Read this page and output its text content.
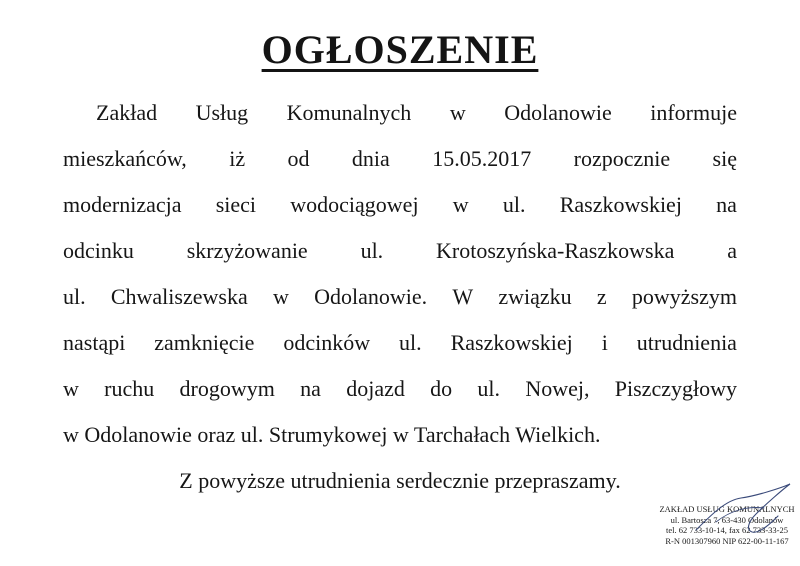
OGŁOSZENIE
Zakład Usług Komunalnych w Odolanowie informuje
mieszkańców, iż od dnia 15.05.2017 rozpocznie się
modernizacja sieci wodociągowej w ul. Raszkowskiej na
odcinku skrzyżowanie ul. Krotoszyńska-Raszkowska a
ul. Chwaliszewska w Odolanowie. W związku z powyższym
nastąpi zamknięcie odcinków ul. Raszkowskiej i utrudnienia
w ruchu drogowym na dojazd do ul. Nowej, Piszczygłowy
w Odolanowie oraz ul. Strumykowej w Tarchałach Wielkich.
Z powyższe utrudnienia serdecznie przepraszamy.
ZAKŁAD USŁUG KOMUNALNYCH
ul. Bartosza 7, 63-430 Odolanów
tel. 62 733-10-14, fax 62 733-33-25
R-N 001307960 NIP 622-00-11-167
